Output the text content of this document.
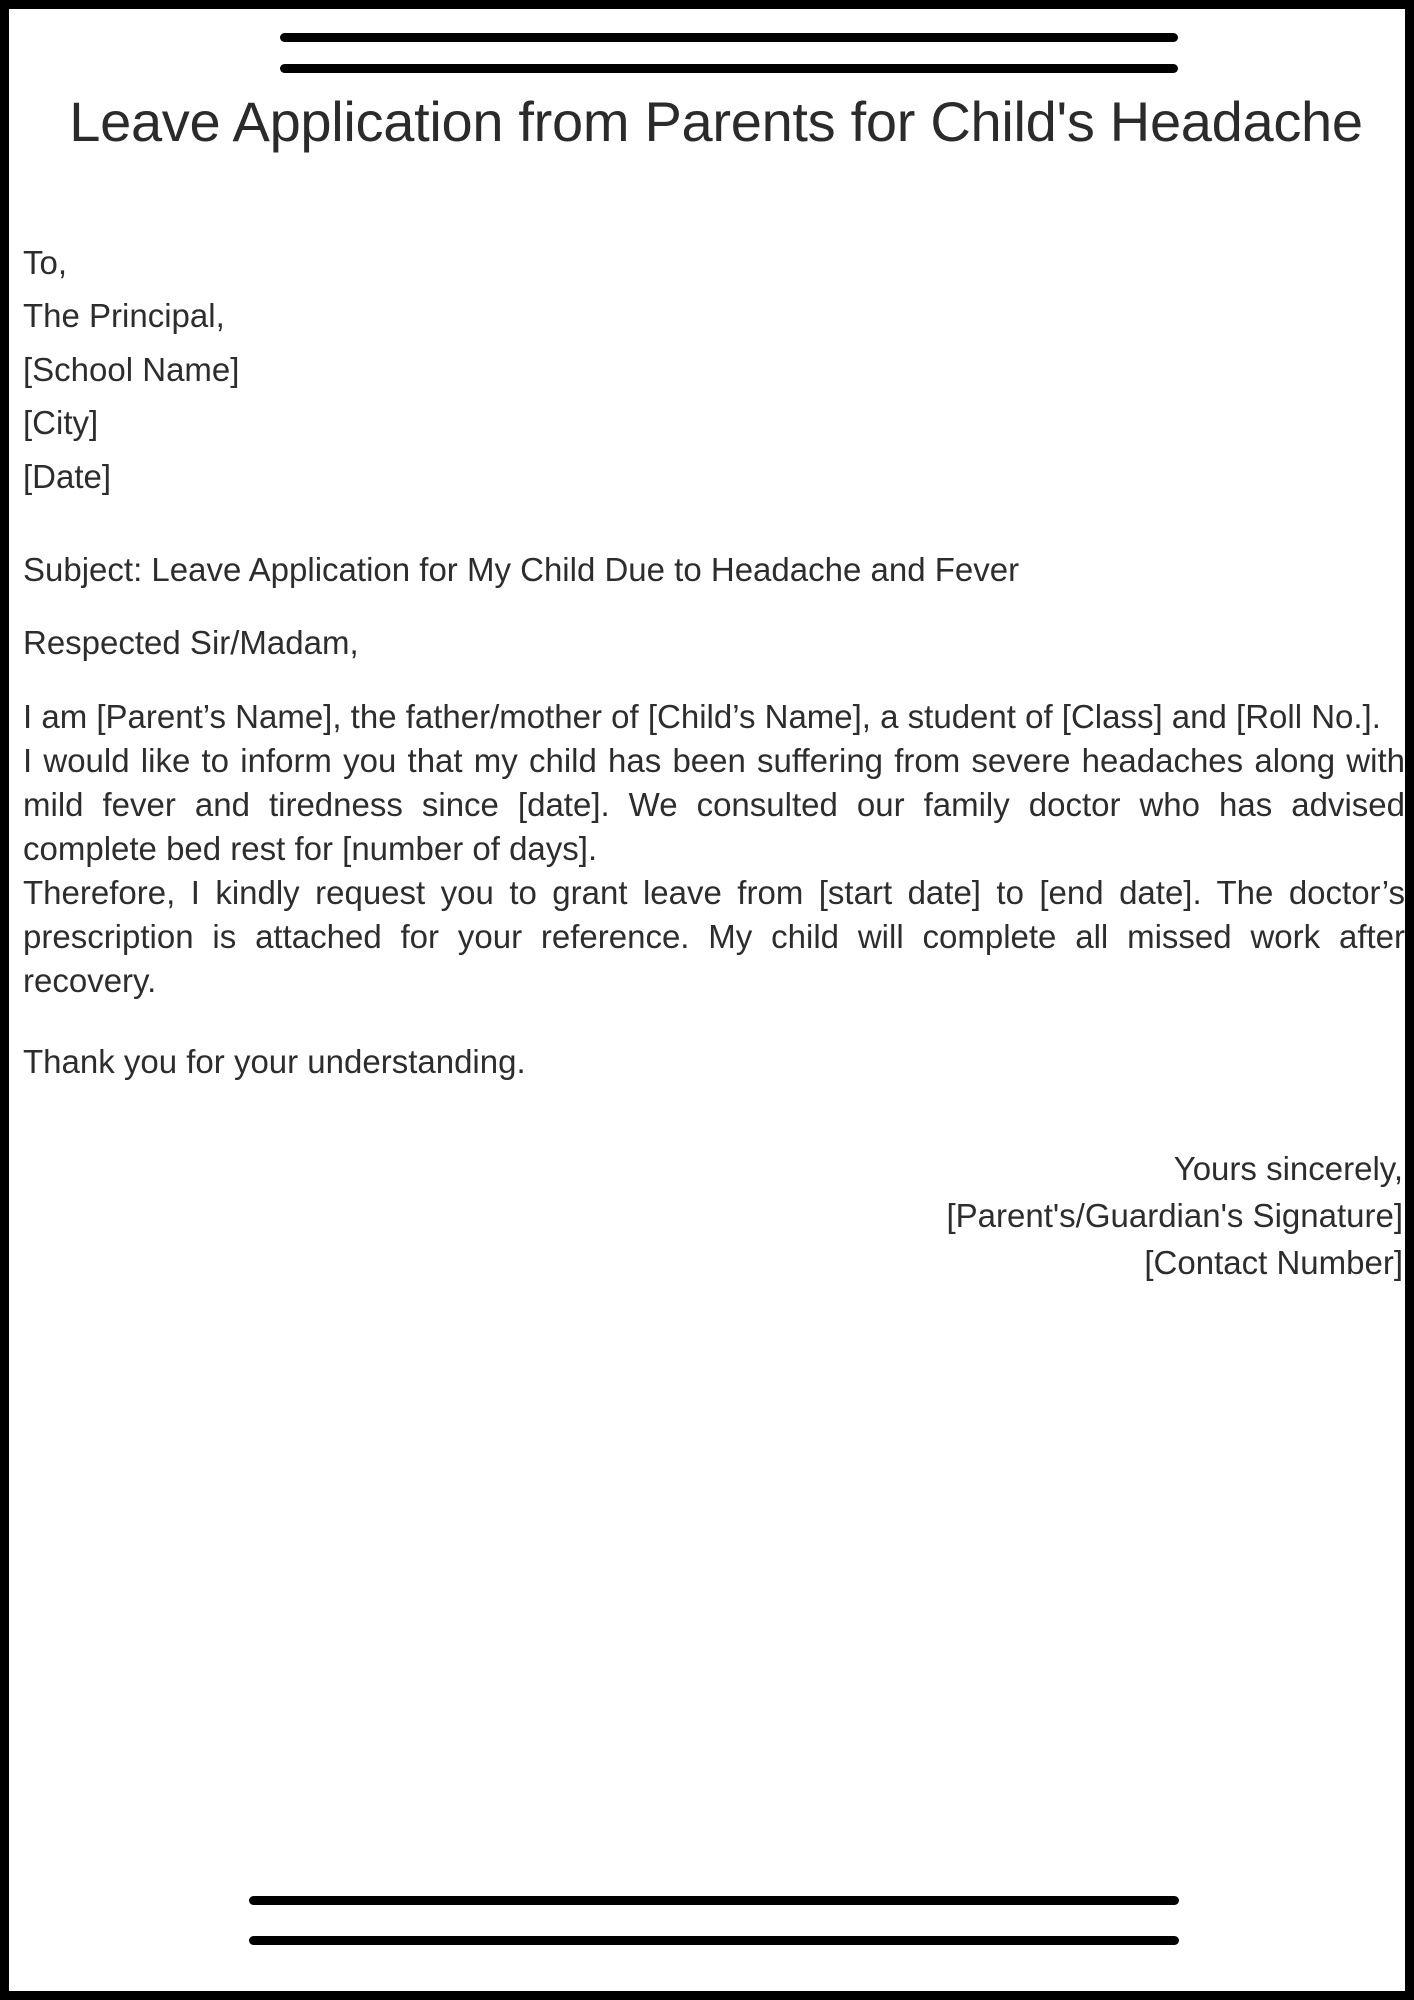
Leave Application from Parents for Child's Headache
To,
The Principal,
[School Name]
[City]
[Date]
Subject: Leave Application for My Child Due to Headache and Fever
Respected Sir/Madam,

I am [Parent’s Name], the father/mother of [Child’s Name], a student of [Class] and [Roll No.].

I would like to inform you that my child has been suffering from severe headaches along with mild fever and tiredness since [date]. We consulted our family doctor who has advised complete bed rest for [number of days].

Therefore, I kindly request you to grant leave from [start date] to [end date]. The doctor’s prescription is attached for your reference. My child will complete all missed work after recovery.

Thank you for your understanding.
Yours sincerely,
[Parent's/Guardian's Signature]
[Contact Number]
